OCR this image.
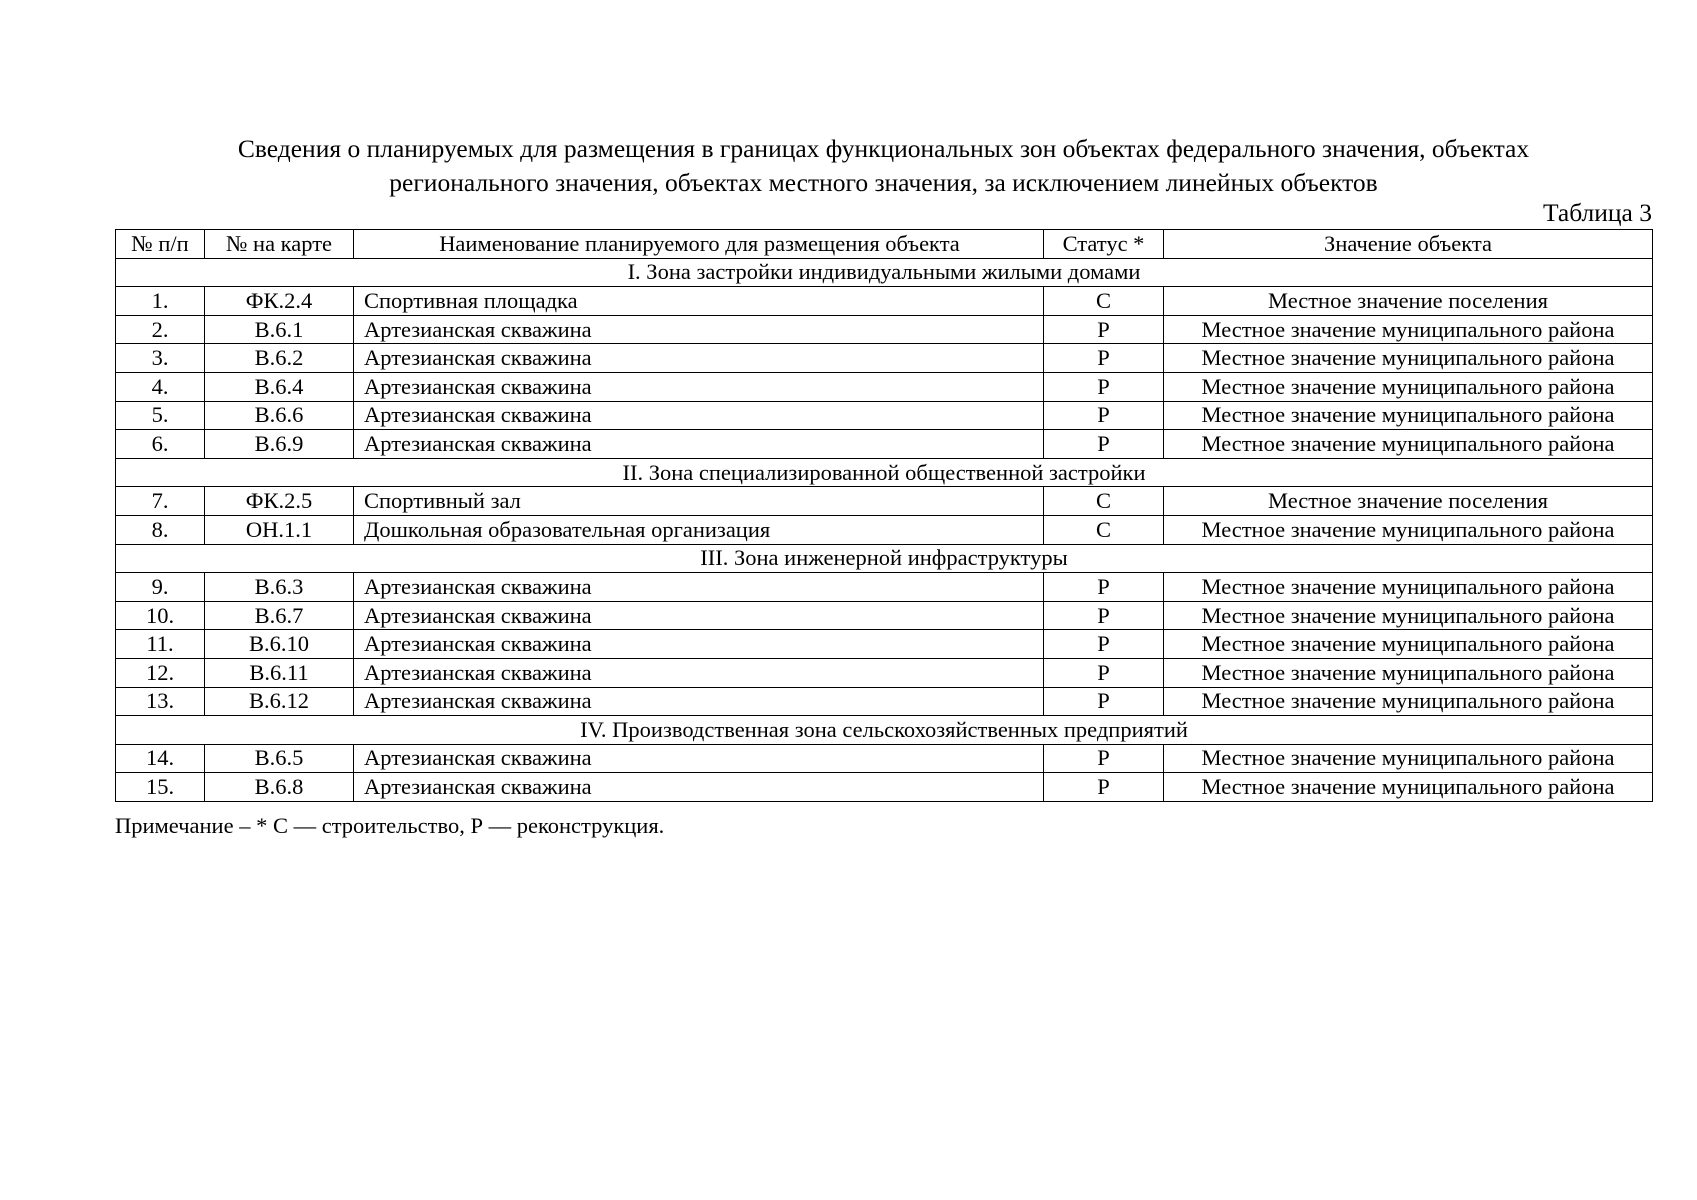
Сведения о планируемых для размещения в границах функциональных зон объектах федерального значения, объектах
регионального значения, объектах местного значения, за исключением линейных объектов
Таблица 3
№ п/п	№ на карте	Наименование планируемого для размещения объекта	Статус *	Значение объекта
I. Зона застройки индивидуальными жилыми домами				
1.	ФК.2.4	Спортивная площадка	С	Местное значение поселения
2.	В.6.1	Артезианская скважина	Р	Местное значение муниципального района
3.	В.6.2	Артезианская скважина	Р	Местное значение муниципального района
4.	В.6.4	Артезианская скважина	Р	Местное значение муниципального района
5.	В.6.6	Артезианская скважина	Р	Местное значение муниципального района
6.	В.6.9	Артезианская скважина	Р	Местное значение муниципального района
II. Зона специализированной общественной застройки				
7.	ФК.2.5	Спортивный зал	С	Местное значение поселения
8.	ОН.1.1	Дошкольная образовательная организация	С	Местное значение муниципального района
III. Зона инженерной инфраструктуры				
9.	В.6.3	Артезианская скважина	Р	Местное значение муниципального района
10.	В.6.7	Артезианская скважина	Р	Местное значение муниципального района
11.	В.6.10	Артезианская скважина	Р	Местное значение муниципального района
12.	В.6.11	Артезианская скважина	Р	Местное значение муниципального района
13.	В.6.12	Артезианская скважина	Р	Местное значение муниципального района
IV. Производственная зона сельскохозяйственных предприятий				
14.	В.6.5	Артезианская скважина	Р	Местное значение муниципального района
15.	В.6.8	Артезианская скважина	Р	Местное значение муниципального района
Примечание – * С — строительство, Р — реконструкция.
